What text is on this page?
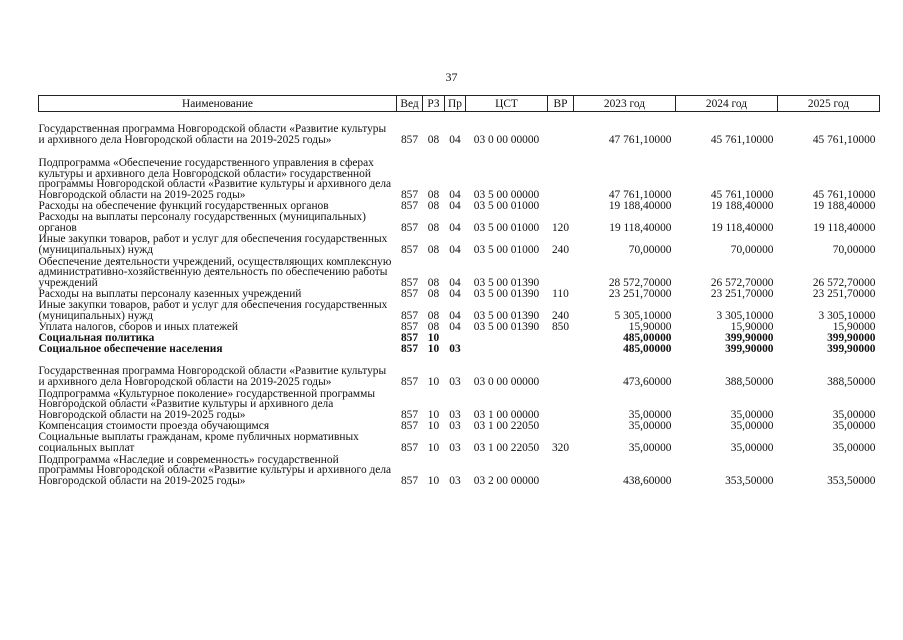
37
Наименование	Вед	РЗ	Пр	ЦСТ	ВР	2023 год	2024 год	2025 год
Государственная программа Новгородской области «Развитие культуры и архивного дела Новгородской области на 2019-2025 годы»	857	08	04	03 0 00 00000		47 761,10000	45 761,10000	45 761,10000
Подпрограмма «Обеспечение государственного управления в сферах культуры и архивного дела Новгородской области» государственной программы Новгородской области «Развитие культуры и архивного дела Новгородской области на 2019-2025 годы»	857	08	04	03 5 00 00000		47 761,10000	45 761,10000	45 761,10000
Расходы на обеспечение функций государственных органов	857	08	04	03 5 00 01000		19 188,40000	19 188,40000	19 188,40000
Расходы на выплаты персоналу государственных (муниципальных) органов	857	08	04	03 5 00 01000	120	19 118,40000	19 118,40000	19 118,40000
Иные закупки товаров, работ и услуг для обеспечения государственных (муниципальных) нужд	857	08	04	03 5 00 01000	240	70,00000	70,00000	70,00000
Обеспечение деятельности учреждений, осуществляющих комплексную административно-хозяйственную деятельность по обеспечению работы учреждений	857	08	04	03 5 00 01390		28 572,70000	26 572,70000	26 572,70000
Расходы на выплаты персоналу казенных учреждений	857	08	04	03 5 00 01390	110	23 251,70000	23 251,70000	23 251,70000
Иные закупки товаров, работ и услуг для обеспечения государственных (муниципальных) нужд	857	08	04	03 5 00 01390	240	5 305,10000	3 305,10000	3 305,10000
Уплата налогов, сборов и иных платежей	857	08	04	03 5 00 01390	850	15,90000	15,90000	15,90000
Социальная политика	857	10				485,00000	399,90000	399,90000
Социальное обеспечение населения	857	10	03			485,00000	399,90000	399,90000
Государственная программа Новгородской области «Развитие культуры и архивного дела Новгородской области на 2019-2025 годы»	857	10	03	03 0 00 00000		473,60000	388,50000	388,50000
Подпрограмма «Культурное поколение» государственной программы Новгородской области «Развитие культуры и архивного дела Новгородской области на 2019-2025 годы»	857	10	03	03 1 00 00000		35,00000	35,00000	35,00000
Компенсация стоимости проезда обучающимся	857	10	03	03 1 00 22050		35,00000	35,00000	35,00000
Социальные выплаты гражданам, кроме публичных нормативных социальных выплат	857	10	03	03 1 00 22050	320	35,00000	35,00000	35,00000
Подпрограмма «Наследие и современность» государственной программы Новгородской области «Развитие культуры и архивного дела Новгородской области на 2019-2025 годы»	857	10	03	03 2 00 00000		438,60000	353,50000	353,50000
